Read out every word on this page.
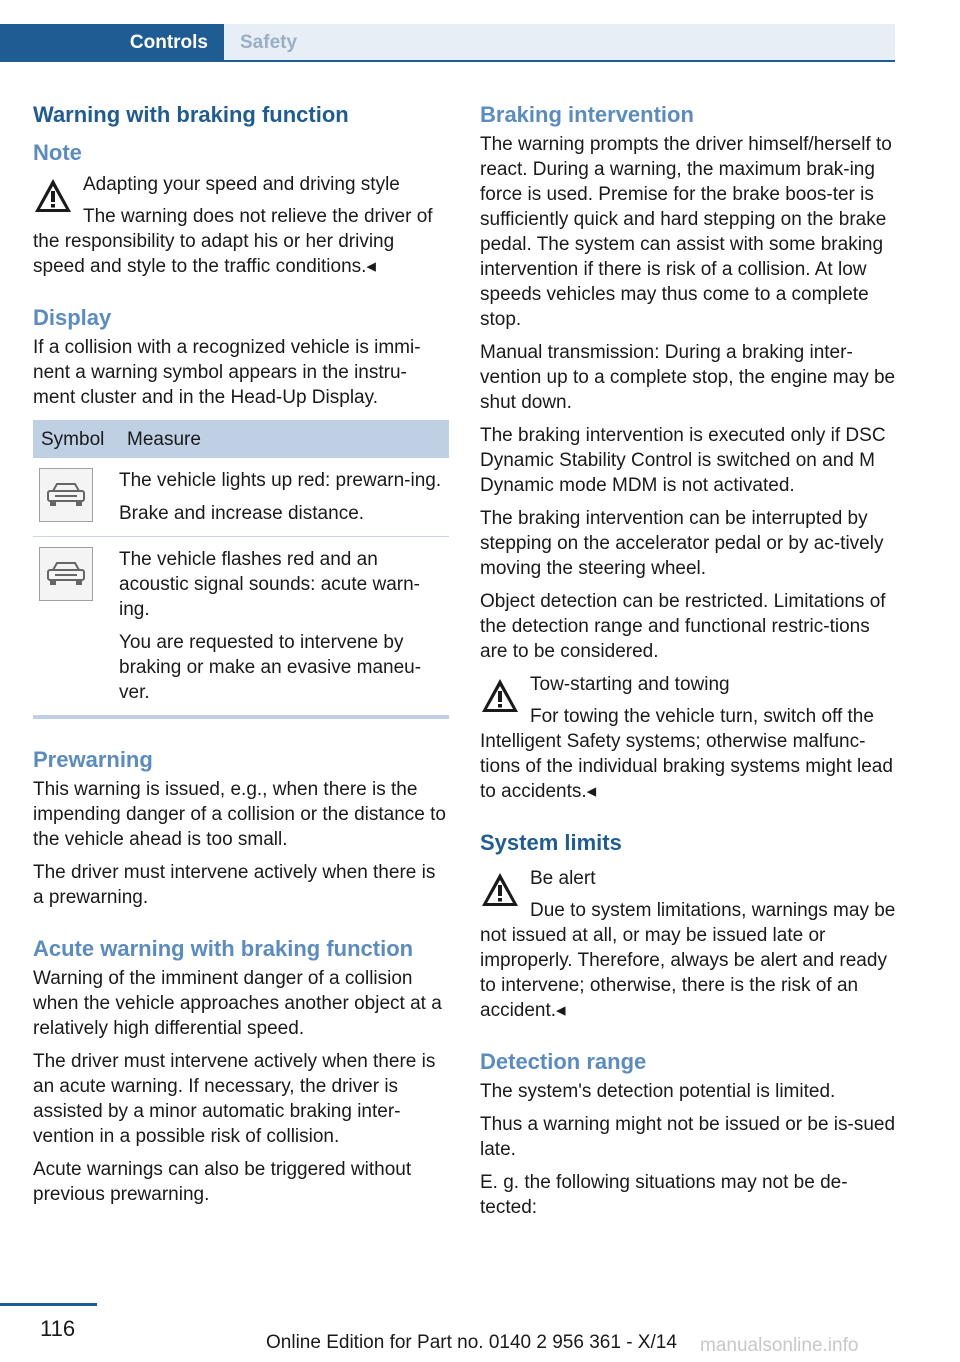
Controls	Safety
Warning with braking function
Note
Adapting your speed and driving style
The warning does not relieve the driver of the responsibility to adapt his or her driving speed and style to the traffic conditions.◂
Display

If a collision with a recognized vehicle is immi-nent a warning symbol appears in the instru-ment cluster and in the Head-Up Display.

Symbol	Measure

The vehicle lights up red: prewarn-ing.

Brake and increase distance.

The vehicle flashes red and an acoustic signal sounds: acute warn-ing.

You are requested to intervene by braking or make an evasive maneu-ver.

Prewarning

This warning is issued, e.g., when there is the impending danger of a collision or the distance to the vehicle ahead is too small.

The driver must intervene actively when there is a prewarning.

Acute warning with braking function

Warning of the imminent danger of a collision when the vehicle approaches another object at a relatively high differential speed.

The driver must intervene actively when there is an acute warning. If necessary, the driver is assisted by a minor automatic braking inter-vention in a possible risk of collision.

Acute warnings can also be triggered without previous prewarning.

Braking intervention

The warning prompts the driver himself/herself to react. During a warning, the maximum brak-ing force is used. Premise for the brake boos-ter is sufficiently quick and hard stepping on the brake pedal. The system can assist with some braking intervention if there is risk of a collision. At low speeds vehicles may thus come to a complete stop.

Manual transmission: During a braking inter-vention up to a complete stop, the engine may be shut down.

The braking intervention is executed only if DSC Dynamic Stability Control is switched on and M Dynamic mode MDM is not activated.

The braking intervention can be interrupted by stepping on the accelerator pedal or by ac-tively moving the steering wheel.

Object detection can be restricted. Limitations of the detection range and functional restric-tions are to be considered.

Tow-starting and towing
For towing the vehicle turn, switch off the Intelligent Safety systems; otherwise malfunc-tions of the individual braking systems might lead to accidents.◂
System limits
Be alert
Due to system limitations, warnings may be not issued at all, or may be issued late or improperly. Therefore, always be alert and ready to intervene; otherwise, there is the risk of an accident.◂
Detection range

The system's detection potential is limited.

Thus a warning might not be issued or be is-sued late.

E. g. the following situations may not be de-tected:

116
Online Edition for Part no. 0140 2 956 361 - X/14 manualsonline.info
